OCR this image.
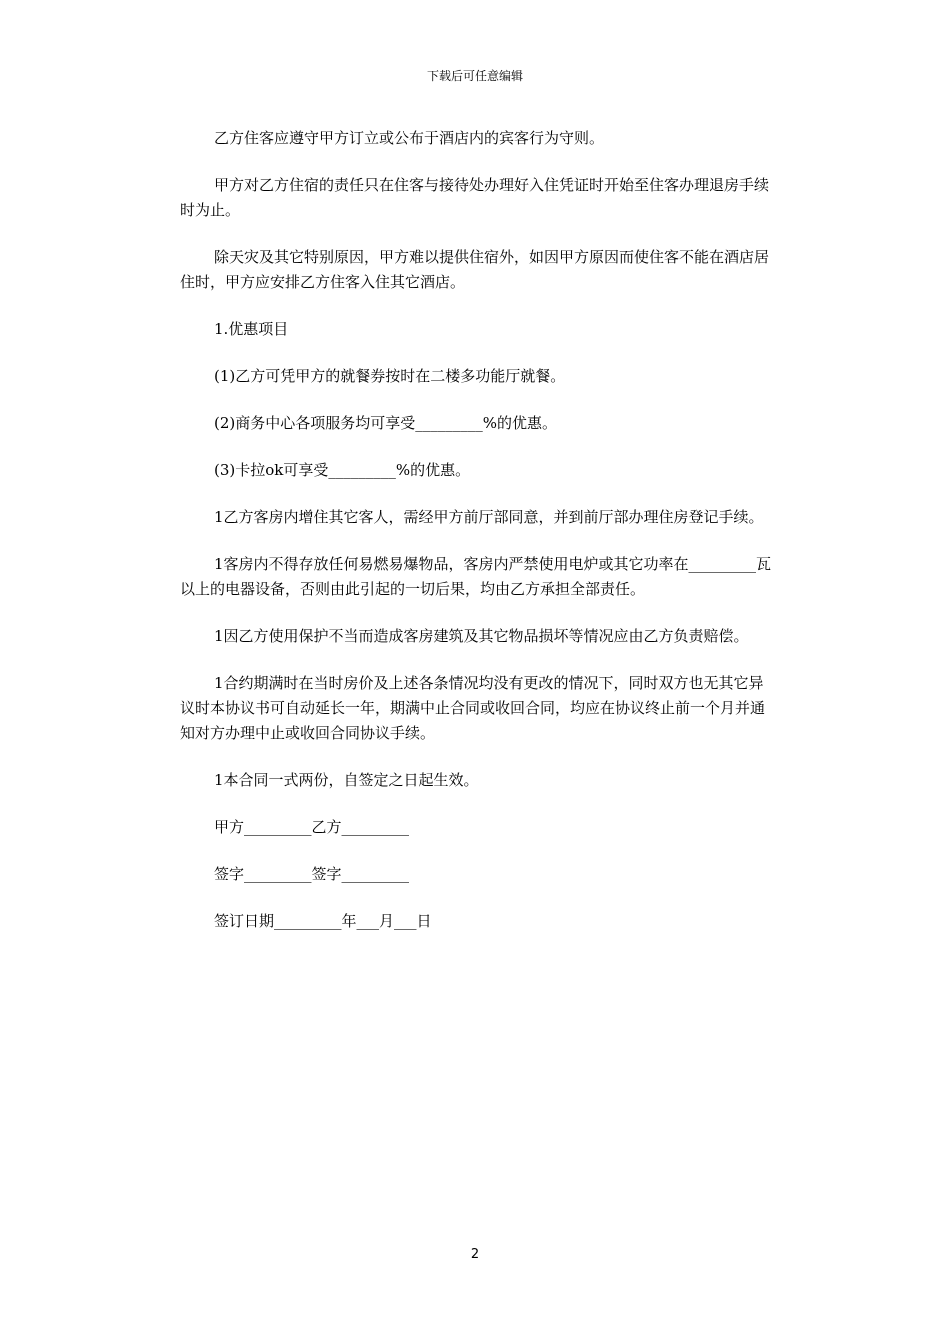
下载后可任意编辑

乙方住客应遵守甲方订立或公布于酒店内的宾客行为守则。

甲方对乙方住宿的责任只在住客与接待处办理好入住凭证时开始至住客办理退房手续时为止。

除天灾及其它特别原因，甲方难以提供住宿外，如因甲方原因而使住客不能在酒店居住时，甲方应安排乙方住客入住其它酒店。

1.优惠项目

(1)乙方可凭甲方的就餐券按时在二楼多功能厅就餐。

(2)商务中心各项服务均可享受_________%的优惠。

(3)卡拉ok可享受_________%的优惠。

1乙方客房内增住其它客人，需经甲方前厅部同意，并到前厅部办理住房登记手续。

1客房内不得存放任何易燃易爆物品，客房内严禁使用电炉或其它功率在_________瓦以上的电器设备，否则由此引起的一切后果，均由乙方承担全部责任。

1因乙方使用保护不当而造成客房建筑及其它物品损坏等情况应由乙方负责赔偿。

1合约期满时在当时房价及上述各条情况均没有更改的情况下，同时双方也无其它异议时本协议书可自动延长一年，期满中止合同或收回合同，均应在协议终止前一个月并通知对方办理中止或收回合同协议手续。

1本合同一式两份，自签定之日起生效。

甲方_________乙方_________

签字_________签字_________

签订日期_________年___月___日

2
